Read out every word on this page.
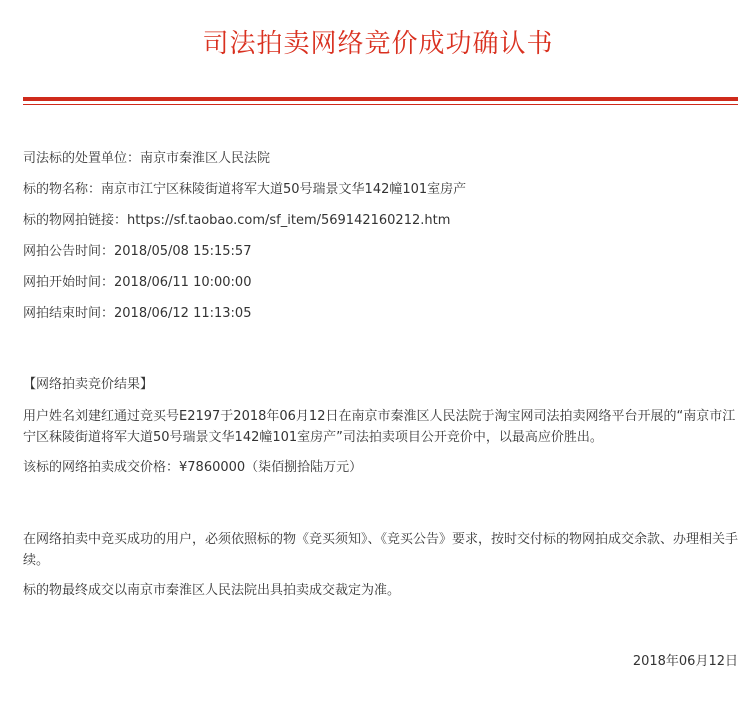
司法拍卖网络竞价成功确认书
司法标的处置单位：南京市秦淮区人民法院
标的物名称：南京市江宁区秣陵街道将军大道50号瑞景文华142幢101室房产
标的物网拍链接：https://sf.taobao.com/sf_item/569142160212.htm
网拍公告时间：2018/05/08 15:15:57
网拍开始时间：2018/06/11 10:00:00
网拍结束时间：2018/06/12 11:13:05
【网络拍卖竞价结果】
用户姓名刘建红通过竞买号E2197于2018年06月12日在南京市秦淮区人民法院于淘宝网司法拍卖网络平台开展的“南京市江宁区秣陵街道将军大道50号瑞景文华142幢101室房产”司法拍卖项目公开竞价中，以最高应价胜出。
该标的网络拍卖成交价格：¥7860000（柒佰捌拾陆万元）
在网络拍卖中竞买成功的用户，必须依照标的物《竞买须知》、《竞买公告》要求，按时交付标的物网拍成交余款、办理相关手续。
标的物最终成交以南京市秦淮区人民法院出具拍卖成交裁定为准。
2018年06月12日
